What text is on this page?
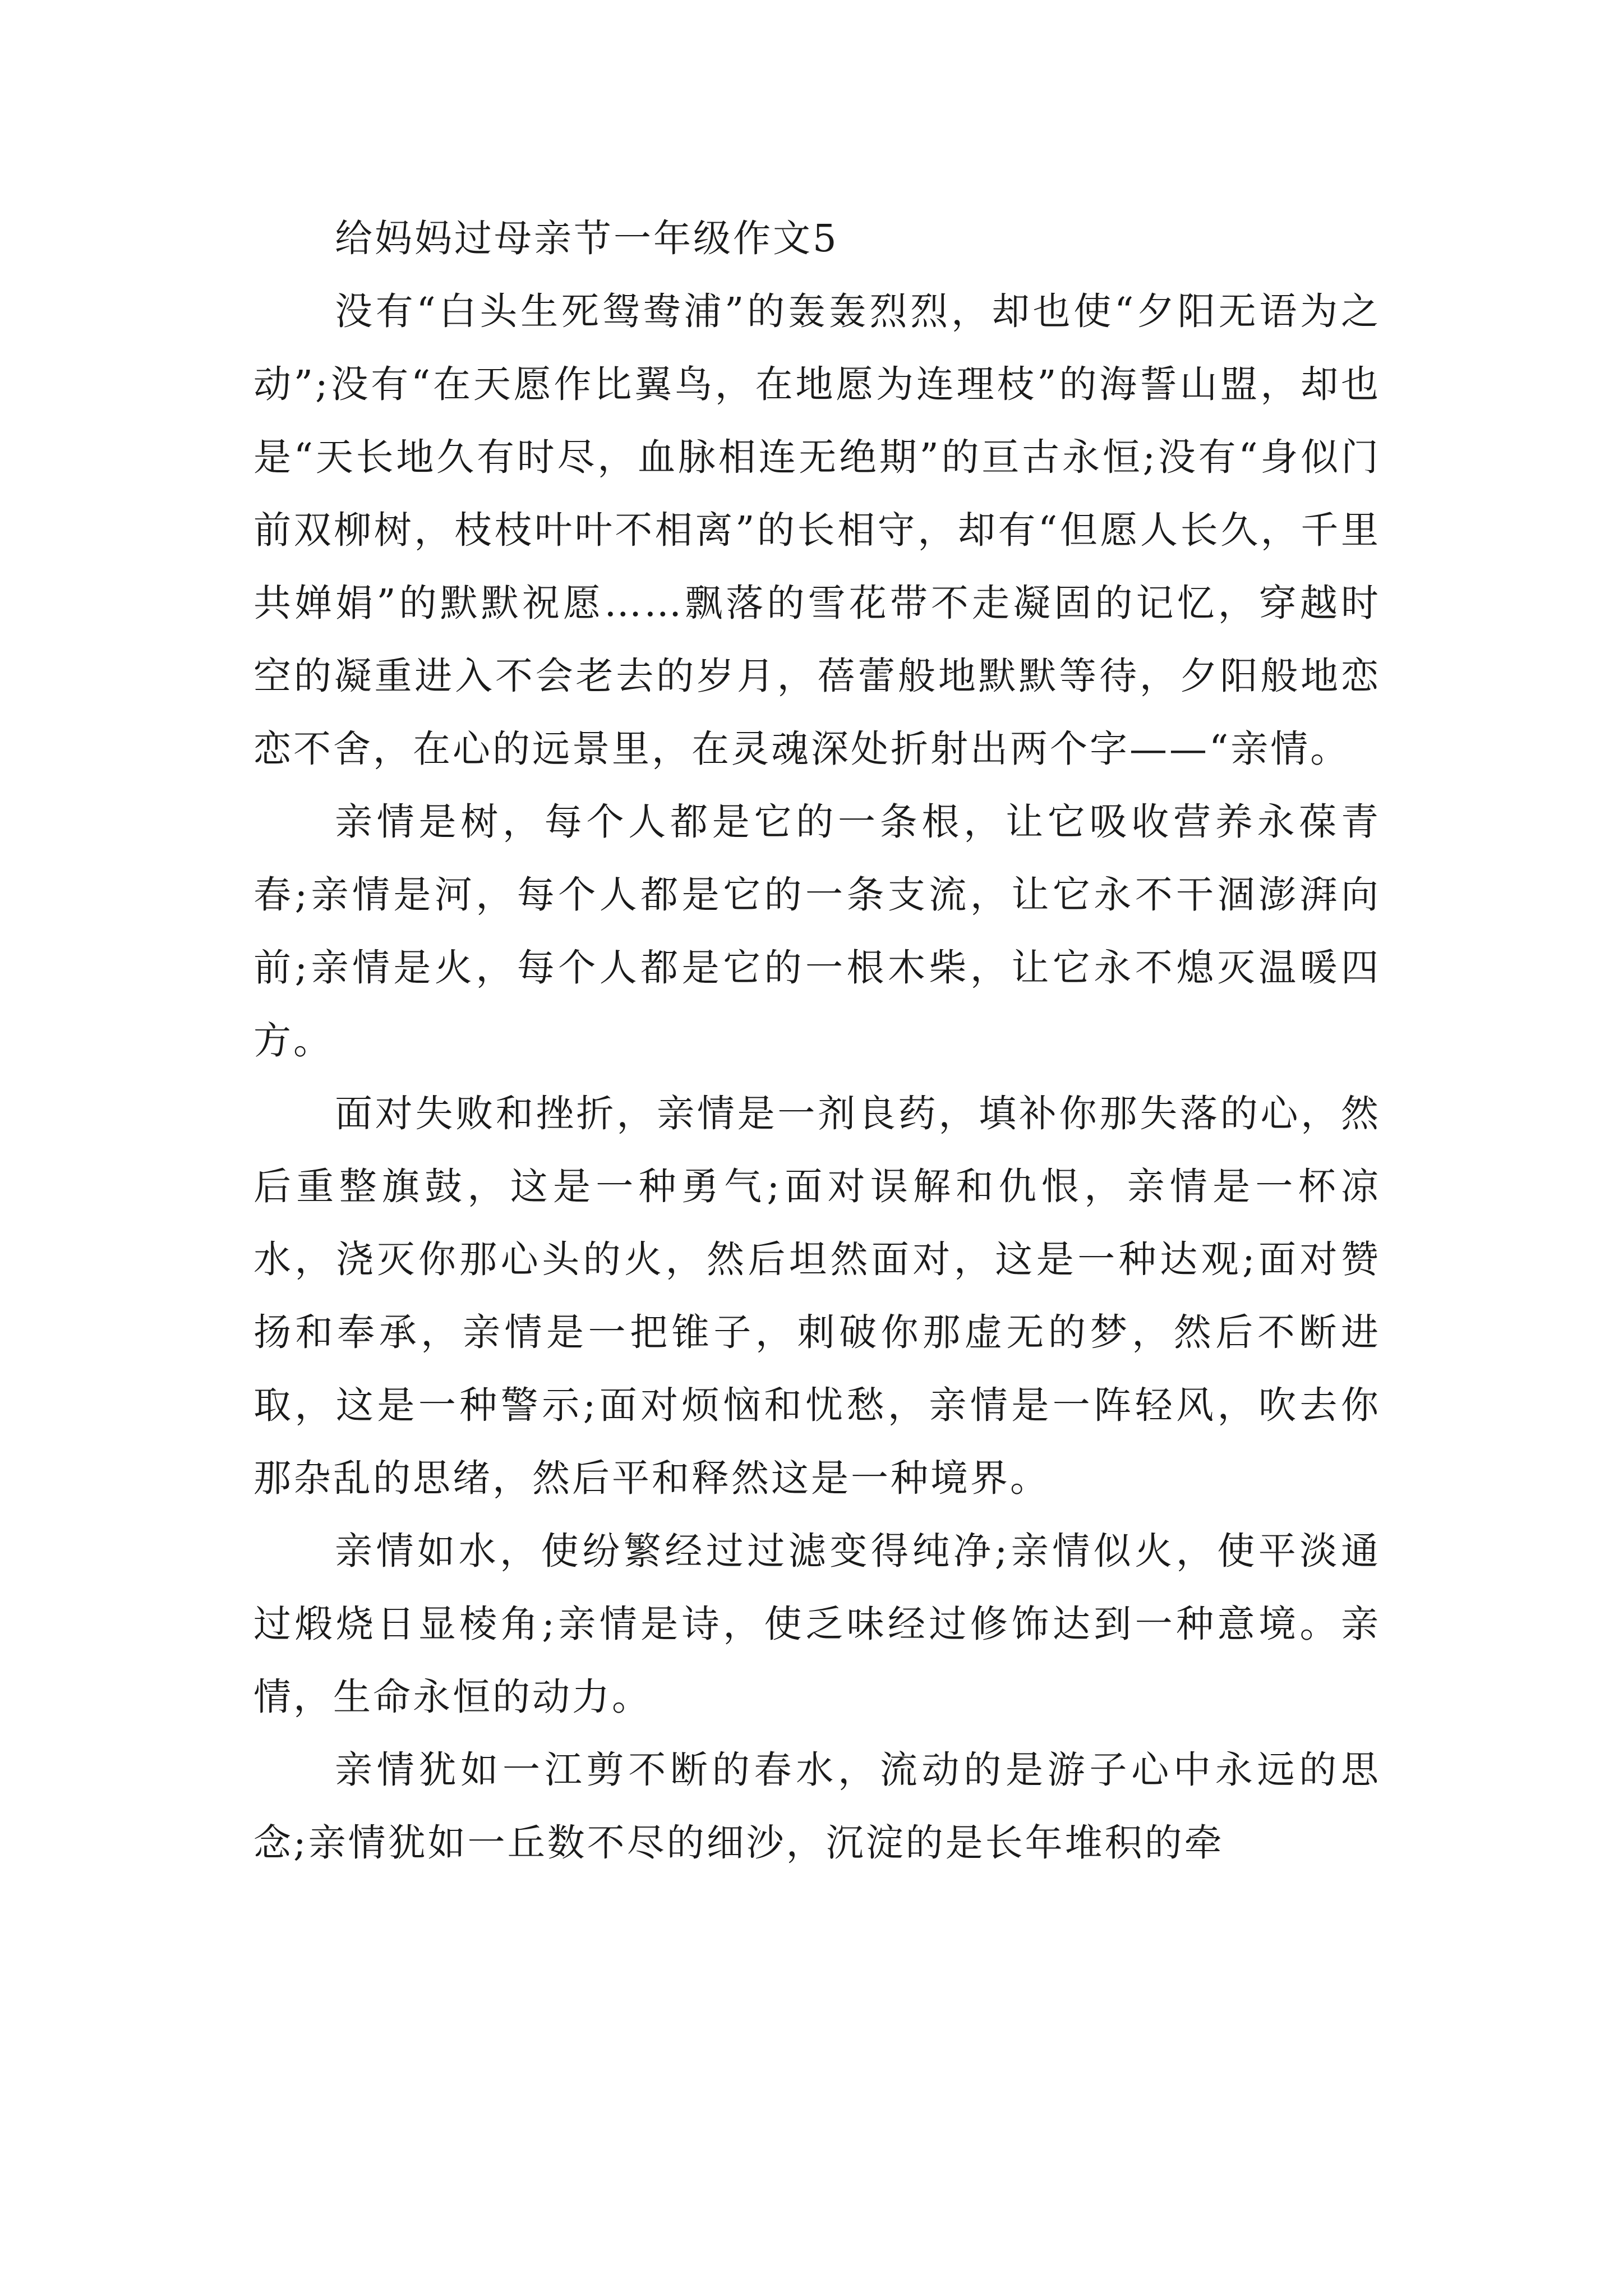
给妈妈过母亲节一年级作文5

没有“白头生死鸳鸯浦”的轰轰烈烈，却也使“夕阳无语为之动”;没有“在天愿作比翼鸟，在地愿为连理枝”的海誓山盟，却也是“天长地久有时尽，血脉相连无绝期”的亘古永恒;没有“身似门前双柳树，枝枝叶叶不相离”的长相守，却有“但愿人长久，千里共婵娟”的默默祝愿……飘落的雪花带不走凝固的记忆，穿越时空的凝重进入不会老去的岁月，蓓蕾般地默默等待，夕阳般地恋恋不舍，在心的远景里，在灵魂深处折射出两个字——“亲情。

亲情是树，每个人都是它的一条根，让它吸收营养永葆青春;亲情是河，每个人都是它的一条支流，让它永不干涸澎湃向前;亲情是火，每个人都是它的一根木柴，让它永不熄灭温暖四方。

面对失败和挫折，亲情是一剂良药，填补你那失落的心，然后重整旗鼓，这是一种勇气;面对误解和仇恨，亲情是一杯凉水，浇灭你那心头的火，然后坦然面对，这是一种达观;面对赞扬和奉承，亲情是一把锥子，刺破你那虚无的梦，然后不断进取，这是一种警示;面对烦恼和忧愁，亲情是一阵轻风，吹去你那杂乱的思绪，然后平和释然这是一种境界。

亲情如水，使纷繁经过过滤变得纯净;亲情似火，使平淡通过煅烧日显棱角;亲情是诗，使乏味经过修饰达到一种意境。亲情，生命永恒的动力。

亲情犹如一江剪不断的春水，流动的是游子心中永远的思念;亲情犹如一丘数不尽的细沙，沉淀的是长年堆积的牵
